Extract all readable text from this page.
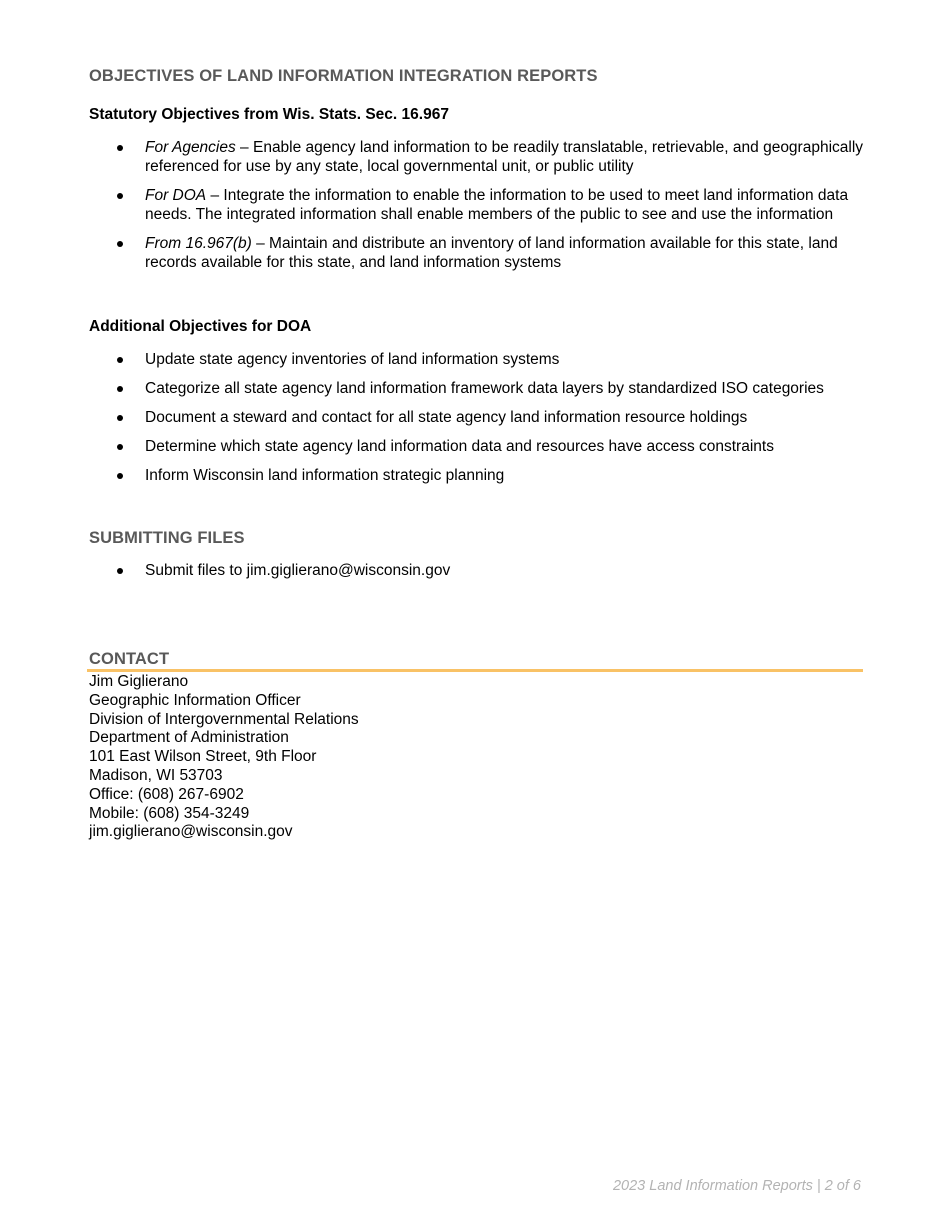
OBJECTIVES OF LAND INFORMATION INTEGRATION REPORTS
Statutory Objectives from Wis. Stats. Sec. 16.967
For Agencies – Enable agency land information to be readily translatable, retrievable, and geographically referenced for use by any state, local governmental unit, or public utility
For DOA – Integrate the information to enable the information to be used to meet land information data needs. The integrated information shall enable members of the public to see and use the information
From 16.967(b) – Maintain and distribute an inventory of land information available for this state, land records available for this state, and land information systems
Additional Objectives for DOA
Update state agency inventories of land information systems
Categorize all state agency land information framework data layers by standardized ISO categories
Document a steward and contact for all state agency land information resource holdings
Determine which state agency land information data and resources have access constraints
Inform Wisconsin land information strategic planning
SUBMITTING FILES
Submit files to jim.giglierano@wisconsin.gov
CONTACT
Jim Giglierano
Geographic Information Officer
Division of Intergovernmental Relations
Department of Administration
101 East Wilson Street, 9th Floor
Madison, WI 53703
Office: (608) 267-6902
Mobile: (608) 354-3249
jim.giglierano@wisconsin.gov
2023 Land Information Reports | 2 of 6
